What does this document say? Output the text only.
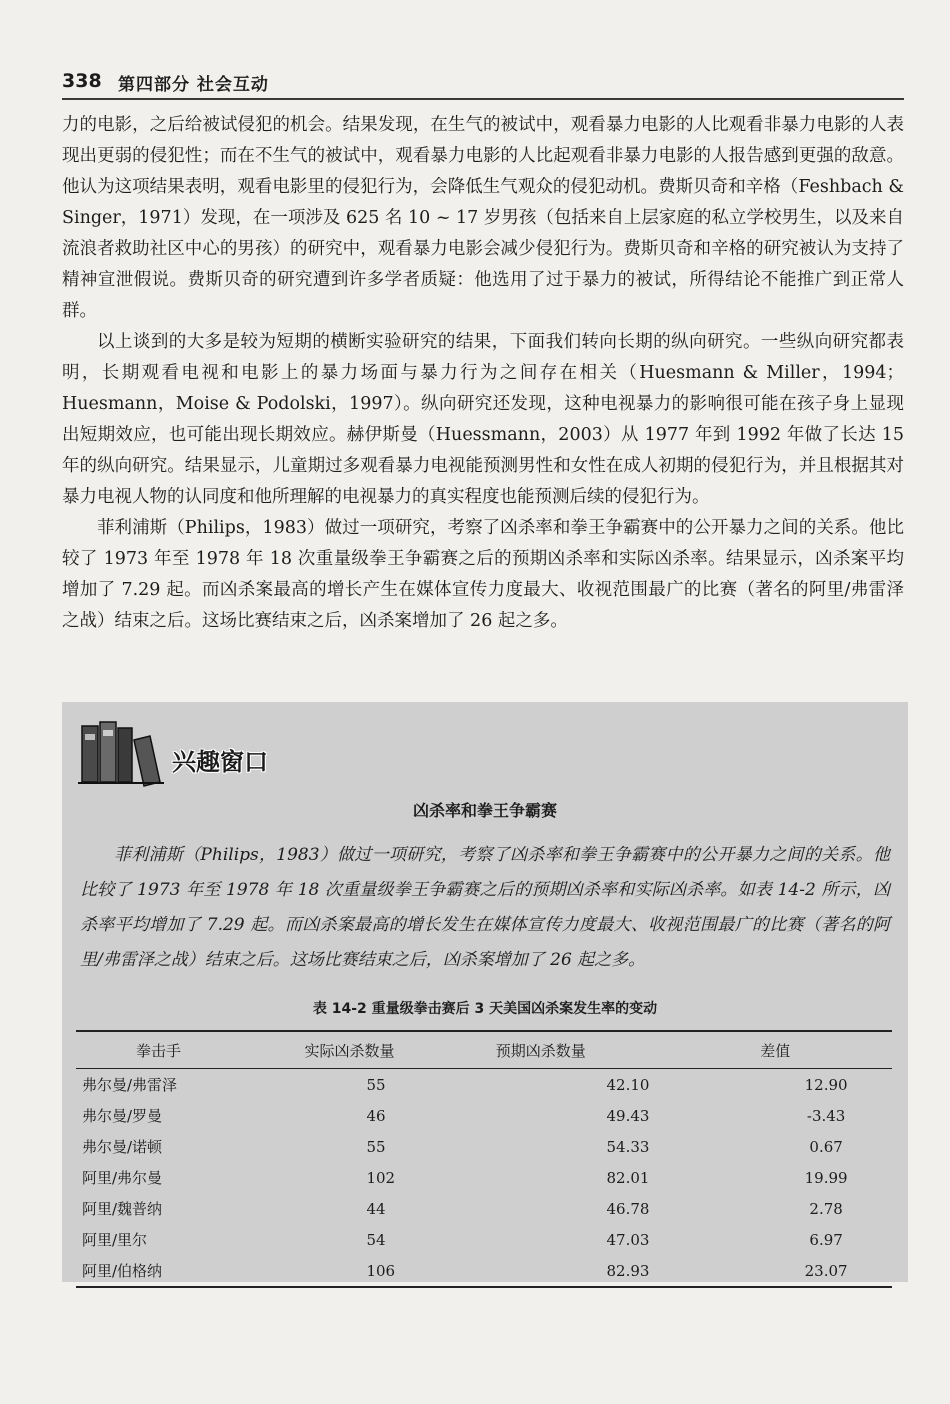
338 第四部分 社会互动

力的电影，之后给被试侵犯的机会。结果发现，在生气的被试中，观看暴力电影的人比观看非暴力电影的人表现出更弱的侵犯性；而在不生气的被试中，观看暴力电影的人比起观看非暴力电影的人报告感到更强的敌意。他认为这项结果表明，观看电影里的侵犯行为，会降低生气观众的侵犯动机。费斯贝奇和辛格（Feshbach & Singer，1971）发现，在一项涉及 625 名 10 ~ 17 岁男孩（包括来自上层家庭的私立学校男生，以及来自流浪者救助社区中心的男孩）的研究中，观看暴力电影会减少侵犯行为。费斯贝奇和辛格的研究被认为支持了精神宣泄假说。费斯贝奇的研究遭到许多学者质疑：他选用了过于暴力的被试，所得结论不能推广到正常人群。

以上谈到的大多是较为短期的横断实验研究的结果，下面我们转向长期的纵向研究。一些纵向研究都表明，长期观看电视和电影上的暴力场面与暴力行为之间存在相关（Huesmann & Miller，1994；Huesmann，Moise & Podolski，1997）。纵向研究还发现，这种电视暴力的影响很可能在孩子身上显现出短期效应，也可能出现长期效应。赫伊斯曼（Huessmann，2003）从 1977 年到 1992 年做了长达 15 年的纵向研究。结果显示，儿童期过多观看暴力电视能预测男性和女性在成人初期的侵犯行为，并且根据其对暴力电视人物的认同度和他所理解的电视暴力的真实程度也能预测后续的侵犯行为。

菲利浦斯（Philips，1983）做过一项研究，考察了凶杀率和拳王争霸赛中的公开暴力之间的关系。他比较了 1973 年至 1978 年 18 次重量级拳王争霸赛之后的预期凶杀率和实际凶杀率。结果显示，凶杀案平均增加了 7.29 起。而凶杀案最高的增长产生在媒体宣传力度最大、收视范围最广的比赛（著名的阿里/弗雷泽之战）结束之后。这场比赛结束之后，凶杀案增加了 26 起之多。

兴趣窗口
凶杀率和拳王争霸赛

菲利浦斯（Philips，1983）做过一项研究，考察了凶杀率和拳王争霸赛中的公开暴力之间的关系。他比较了 1973 年至 1978 年 18 次重量级拳王争霸赛之后的预期凶杀率和实际凶杀率。如表 14-2 所示，凶杀率平均增加了 7.29 起。而凶杀案最高的增长发生在媒体宣传力度最大、收视范围最广的比赛（著名的阿里/弗雷泽之战）结束之后。这场比赛结束之后，凶杀案增加了 26 起之多。

表 14-2 重量级拳击赛后 3 天美国凶杀案发生率的变动
拳击手	实际凶杀数量	预期凶杀数量	差值
弗尔曼/弗雷泽	55	42.10	12.90
弗尔曼/罗曼	46	49.43	-3.43
弗尔曼/诺顿	55	54.33	0.67
阿里/弗尔曼	102	82.01	19.99
阿里/魏普纳	44	46.78	2.78
阿里/里尔	54	47.03	6.97
阿里/伯格纳	106	82.93	23.07
